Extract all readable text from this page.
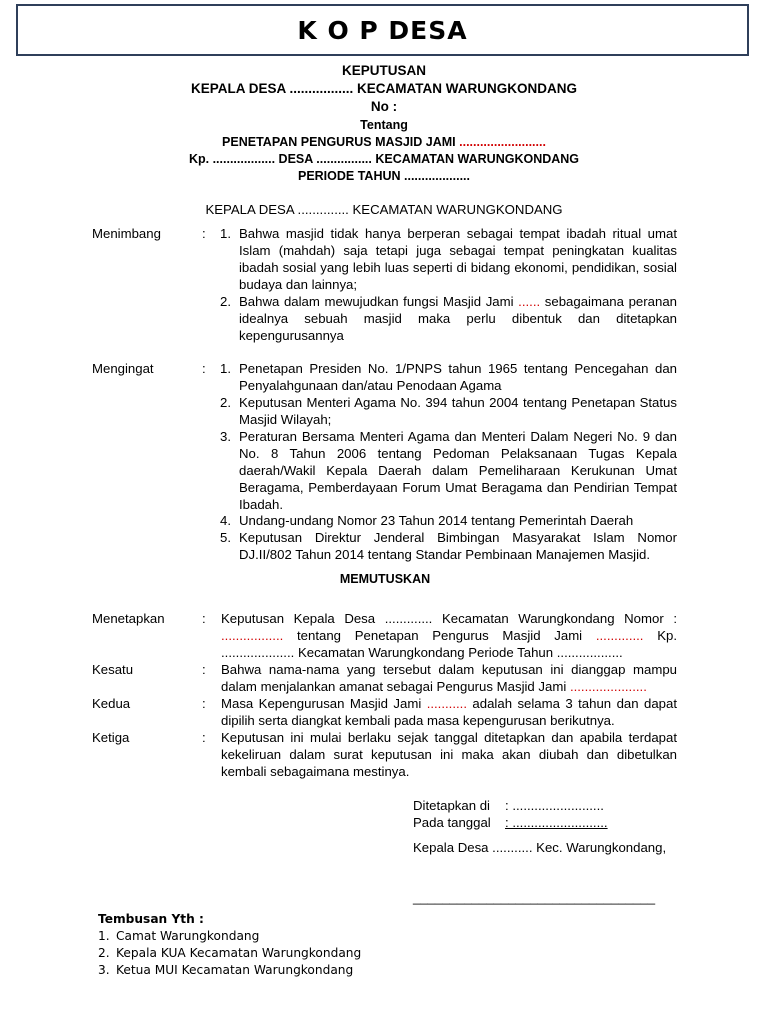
K O P DESA
KEPUTUSAN
KEPALA DESA ................. KECAMATAN WARUNGKONDANG
No :
Tentang
PENETAPAN PENGURUS MASJID JAMI .........................
Kp. .................. DESA ................ KECAMATAN WARUNGKONDANG
PERIODE TAHUN ...................
KEPALA DESA .............. KECAMATAN WARUNGKONDANG
Menimbang	: 1. Bahwa masjid tidak hanya berperan sebagai tempat ibadah ritual umat Islam (mahdah) saja tetapi juga sebagai tempat peningkatan kualitas ibadah sosial yang lebih luas seperti di bidang ekonomi, pendidikan, sosial budaya dan lainnya;
2. Bahwa dalam mewujudkan fungsi Masjid Jami ...... sebagaimana peranan idealnya sebuah masjid maka perlu dibentuk dan ditetapkan kepengurusannya
Mengingat	: 1. Penetapan Presiden No. 1/PNPS tahun 1965 tentang Pencegahan dan Penyalahgunaan dan/atau Penodaan Agama
2. Keputusan Menteri Agama No. 394 tahun 2004 tentang Penetapan Status Masjid Wilayah;
3. Peraturan Bersama Menteri Agama dan Menteri Dalam Negeri No. 9 dan No. 8 Tahun 2006 tentang Pedoman Pelaksanaan Tugas Kepala daerah/Wakil Kepala Daerah dalam Pemeliharaan Kerukunan Umat Beragama, Pemberdayaan Forum Umat Beragama dan Pendirian Tempat Ibadah.
4. Undang-undang Nomor 23 Tahun 2014 tentang Pemerintah Daerah
5. Keputusan Direktur Jenderal Bimbingan Masyarakat Islam Nomor DJ.II/802 Tahun 2014 tentang Standar Pembinaan Manajemen Masjid.
MEMUTUSKAN
Menetapkan	: Keputusan Kepala Desa ............. Kecamatan Warungkondang Nomor : ................. tentang Penetapan Pengurus Masjid Jami ............. Kp. .................... Kecamatan Warungkondang Periode Tahun ..................
Kesatu	: Bahwa nama-nama yang tersebut dalam keputusan ini dianggap mampu dalam menjalankan amanat sebagai Pengurus Masjid Jami .....................
Kedua	: Masa Kepengurusan Masjid Jami ........... adalah selama 3 tahun dan dapat dipilih serta diangkat kembali pada masa kepengurusan berikutnya.
Ketiga	: Keputusan ini mulai berlaku sejak tanggal ditetapkan dan apabila terdapat kekeliruan dalam surat keputusan ini maka akan diubah dan dibetulkan kembali sebagaimana mestinya.
Ditetapkan di : .........................
Pada tanggal : ..........................
Kepala Desa ........... Kec. Warungkondang,
_________________________________
Tembusan Yth :
1. Camat Warungkondang
2. Kepala KUA Kecamatan Warungkondang
3. Ketua MUI Kecamatan Warungkondang
